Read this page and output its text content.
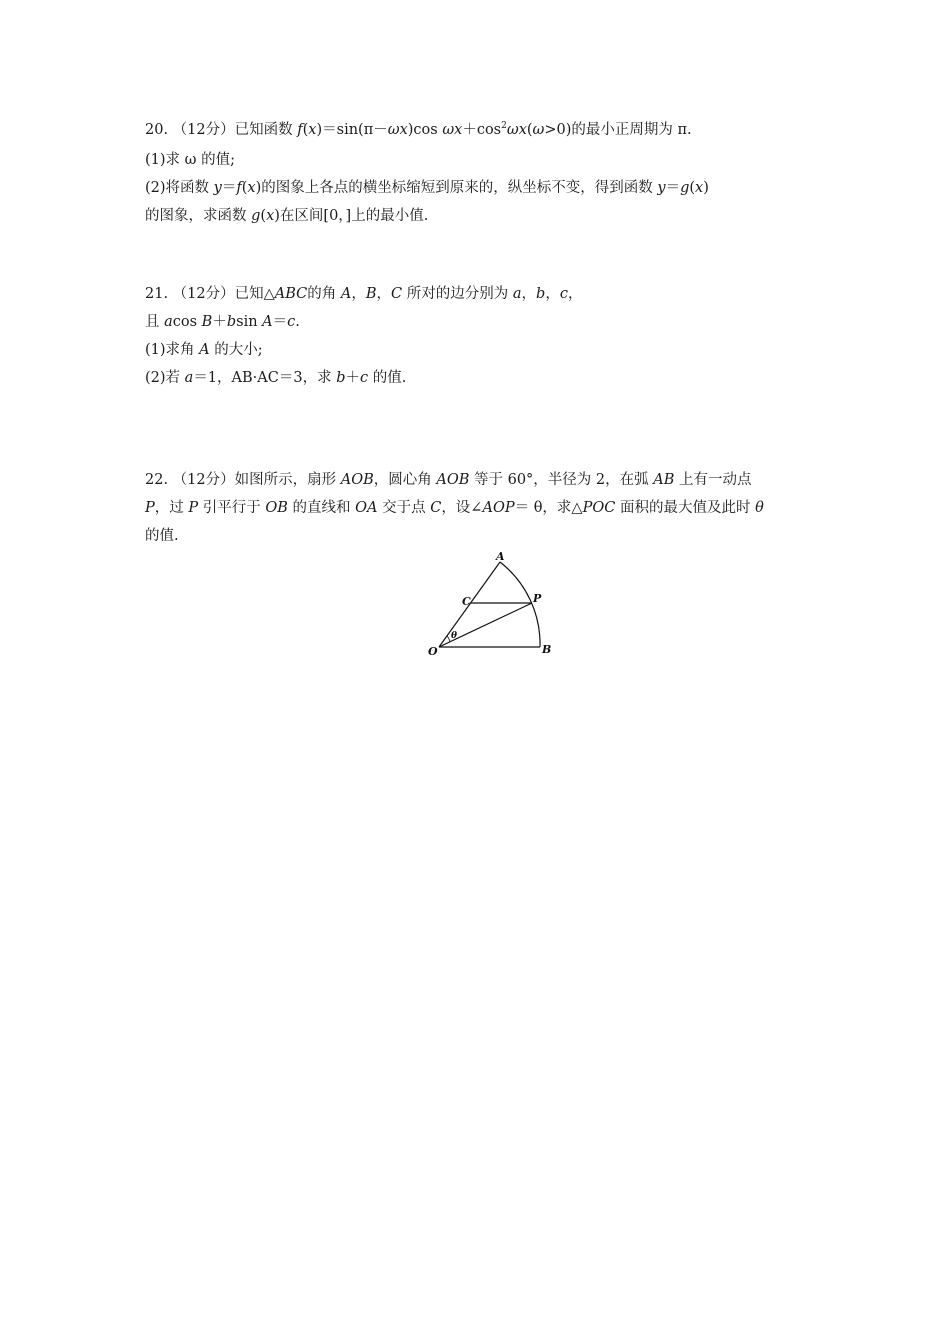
20. （12分）已知函数 f(x)＝sin(π－ωx)cos $\omega x+\cos^2\omega x(\omega>0)$的最小正周期为 π.
(1)求 ω 的值;
(2)将函数 y＝f(x)的图象上各点的横坐标缩短到原来的，纵坐标不变，得到函数 y＝g(x)
的图象，求函数 g(x)在区间[0，]上的最小值.
21. （12分）已知△ABC的角 A，B，C 所对的边分别为 a，b，c，
且 acos B＋bsin A＝c.
(1)求角 A 的大小;
(2)若 a＝1，AB·AC＝3，求 b＋c 的值.
22. （12分）如图所示，扇形 AOB，圆心角 AOB 等于 60°，半径为 2，在弧 AB 上有一动点
P，过 P 引平行于 OB 的直线和 OA 交于点 C，设∠AOP＝ θ，求△POC 面积的最大值及此时 θ
的值.
A
P
C
O	B
θ
